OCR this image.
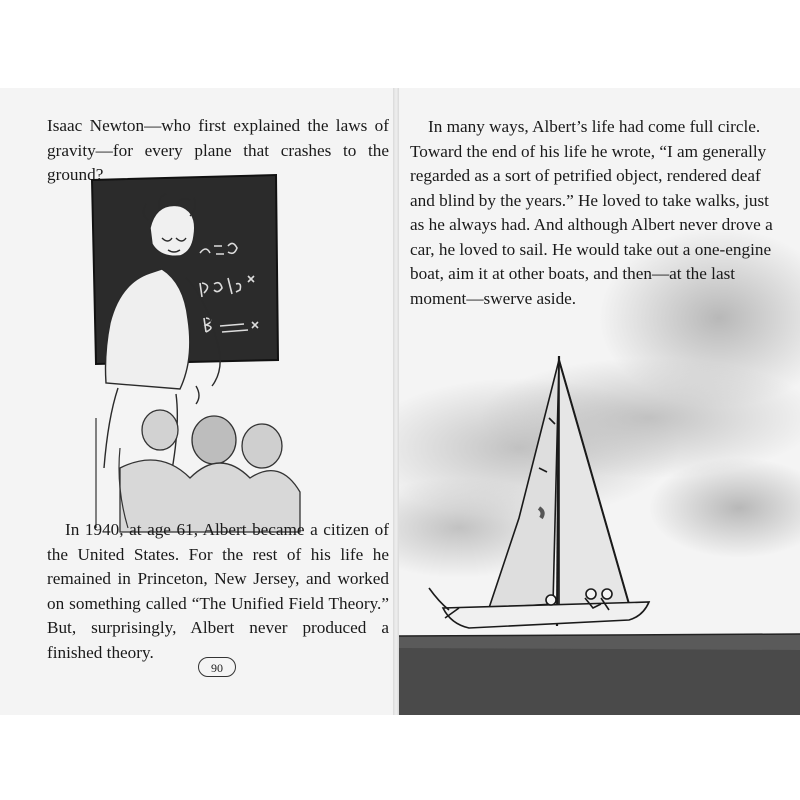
Isaac Newton—who first explained the laws of gravity—for every plane that crashes to the ground?

In 1940, at age 61, Albert became a citizen of the United States. For the rest of his life he remained in Princeton, New Jersey, and worked on something called “The Unified Field Theory.” But, surprisingly, Albert never produced a finished theory.

90

In many ways, Albert’s life had come full circle. Toward the end of his life he wrote, “I am generally regarded as a sort of petrified object, rendered deaf and blind by the years.” He loved to take walks, just as he always had. And although Albert never drove a car, he loved to sail. He would take out a one-engine boat, aim it at other boats, and then—at the last moment—swerve aside.
